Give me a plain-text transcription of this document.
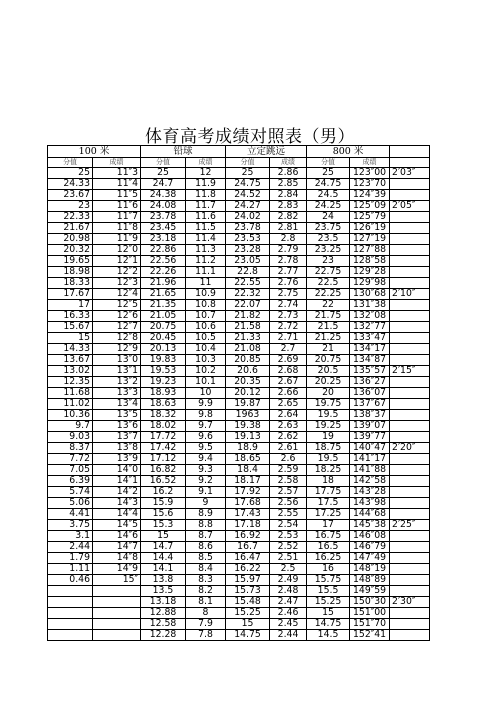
体育高考成绩对照表（男）
100 米		铅球		立定跳远		800 米		
分值	成绩	分值	成绩	分值	成绩	分值	成绩	
25	11″3	25	12	25	2.86	25	123″00	2′03″
24.33	11″4	24.7	11.9	24.75	2.85	24.75	123″70	
23.67	11″5	24.38	11.8	24.52	2.84	24.5	124″39	
23	11″6	24.08	11.7	24.27	2.83	24.25	125″09	2′05″
22.33	11″7	23.78	11.6	24.02	2.82	24	125″79	
21.67	11″8	23.45	11.5	23.78	2.81	23.75	126″19	
20.98	11″9	23.18	11.4	23.53	2.8	23.5	127″19	
20.32	12″0	22.86	11.3	23.28	2.79	23.25	127″88	
19.65	12″1	22.56	11.2	23.05	2.78	23	128″58	
18.98	12″2	22.26	11.1	22.8	2.77	22.75	129″28	
18.33	12″3	21.96	11	22.55	2.76	22.5	129″98	
17.67	12″4	21.65	10.9	22.32	2.75	22.25	130″68	2′10″
17	12″5	21.35	10.8	22.07	2.74	22	131″38	
16.33	12″6	21.05	10.7	21.82	2.73	21.75	132″08	
15.67	12″7	20.75	10.6	21.58	2.72	21.5	132″77	
15	12″8	20.45	10.5	21.33	2.71	21.25	133″47	
14.33	12″9	20.13	10.4	21.08	2.7	21	134″17	
13.67	13″0	19.83	10.3	20.85	2.69	20.75	134″87	
13.02	13″1	19.53	10.2	20.6	2.68	20.5	135″57	2′15″
12.35	13″2	19.23	10.1	20.35	2.67	20.25	136″27	
11.68	13″3	18.93	10	20.12	2.66	20	136″07	
11.02	13″4	18.63	9.9	19.87	2.65	19.75	137″67	
10.36	13″5	18.32	9.8	1963	2.64	19.5	138″37	
9.7	13″6	18.02	9.7	19.38	2.63	19.25	139″07	
9.03	13″7	17.72	9.6	19.13	2.62	19	139″77	
8.37	13″8	17.42	9.5	18.9	2.61	18.75	140″47	2′20″
7.72	13″9	17.12	9.4	18.65	2.6	19.5	141″17	
7.05	14″0	16.82	9.3	18.4	2.59	18.25	141″88	
6.39	14″1	16.52	9.2	18.17	2.58	18	142″58	
5.74	14″2	16.2	9.1	17.92	2.57	17.75	143″28	
5.06	14″3	15.9	9	17.68	2.56	17.5	143″98	
4.41	14″4	15.6	8.9	17.43	2.55	17.25	144″68	
3.75	14″5	15.3	8.8	17.18	2.54	17	145″38	2′25″
3.1	14″6	15	8.7	16.92	2.53	16.75	146″08	
2.44	14″7	14.7	8.6	16.7	2.52	16.5	146″79	
1.79	14″8	14.4	8.5	16.47	2.51	16.25	147″49	
1.11	14″9	14.1	8.4	16.22	2.5	16	148″19	
0.46	15″	13.8	8.3	15.97	2.49	15.75	148″89	
		13.5	8.2	15.73	2.48	15.5	149″59	
		13.18	8.1	15.48	2.47	15.25	150″30	2′30″
		12.88	8	15.25	2.46	15	151″00	
		12.58	7.9	15	2.45	14.75	151″70	
		12.28	7.8	14.75	2.44	14.5	152″41	
